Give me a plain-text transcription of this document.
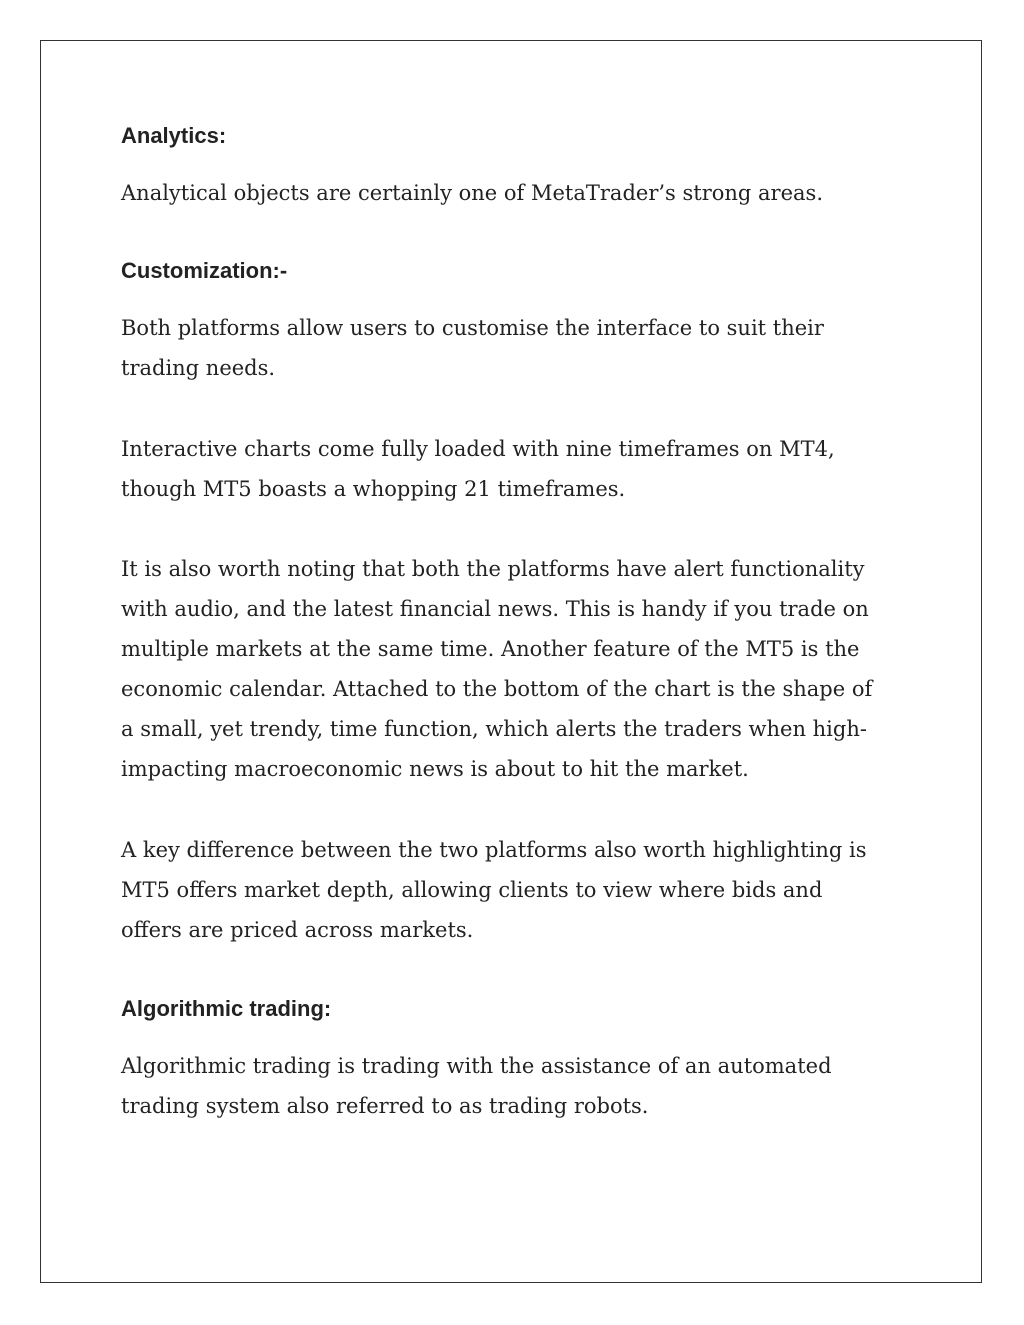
Analytics:

Analytical objects are certainly one of MetaTrader’s strong areas.

Customization:-

Both platforms allow users to customise the interface to suit their
trading needs.

Interactive charts come fully loaded with nine timeframes on MT4,
though MT5 boasts a whopping 21 timeframes.

It is also worth noting that both the platforms have alert functionality
with audio, and the latest financial news. This is handy if you trade on
multiple markets at the same time. Another feature of the MT5 is the
economic calendar. Attached to the bottom of the chart is the shape of
a small, yet trendy, time function, which alerts the traders when high-
impacting macroeconomic news is about to hit the market.

A key difference between the two platforms also worth highlighting is
MT5 offers market depth, allowing clients to view where bids and
offers are priced across markets.

Algorithmic trading:

Algorithmic trading is trading with the assistance of an automated
trading system also referred to as trading robots.
